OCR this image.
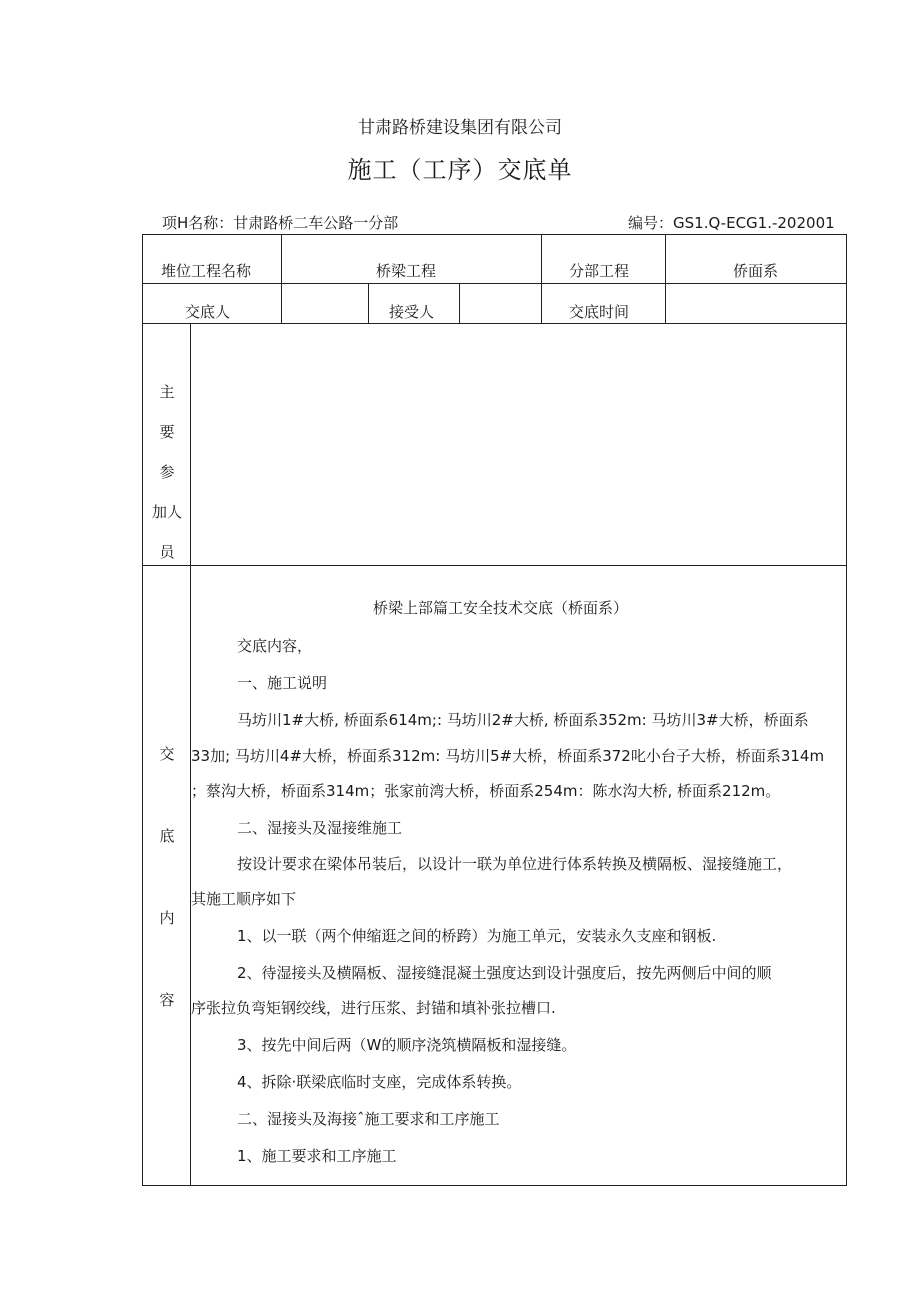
甘肃路桥建设集团有限公司
施工（工序）交底单
项H名称：甘肃路桥二车公路一分部	编号：GS1.Q-ECG1.-202001
堆位工程名称	桥梁工程	分部工程	侨面系
交底人	接受人	交底时间
主
要
参
加人
员
交
底
内
容
桥梁上部篇工安全技术交底（桥面系）
交底内容，
一、施工说明
马坊川1#大桥, 桥面系614m;: 马坊川2#大桥, 桥面系352m: 马坊川3#大桥，桥面系
33加; 马坊川4#大桥，桥面系312m: 马坊川5#大桥，桥面系372叱小台子大桥，桥面系314m
；蔡沟大桥，桥面系314m；张家前湾大桥，桥面系254m：陈水沟大桥, 桥面系212m。
二、湿接头及湿接维施工
按设计要求在梁体吊装后，以设计一联为单位进行体系转换及横隔板、湿接缝施工，
其施工顺序如下
1、以一联（两个伸缩逛之间的桥跨）为施工单元，安装永久支座和钢板.
2、待湿接头及横隔板、湿接缝混凝土强度达到设计强度后，按先两侧后中间的顺
序张拉负弯矩钢绞线，进行压浆、封锚和填补张拉槽口.
3、按先中间后两（W的顺序浇筑横隔板和湿接缝。
4、拆除·联梁底临时支座，完成体系转换。
二、湿接头及海接ˆ施工要求和工序施工
1、施工要求和工序施工
